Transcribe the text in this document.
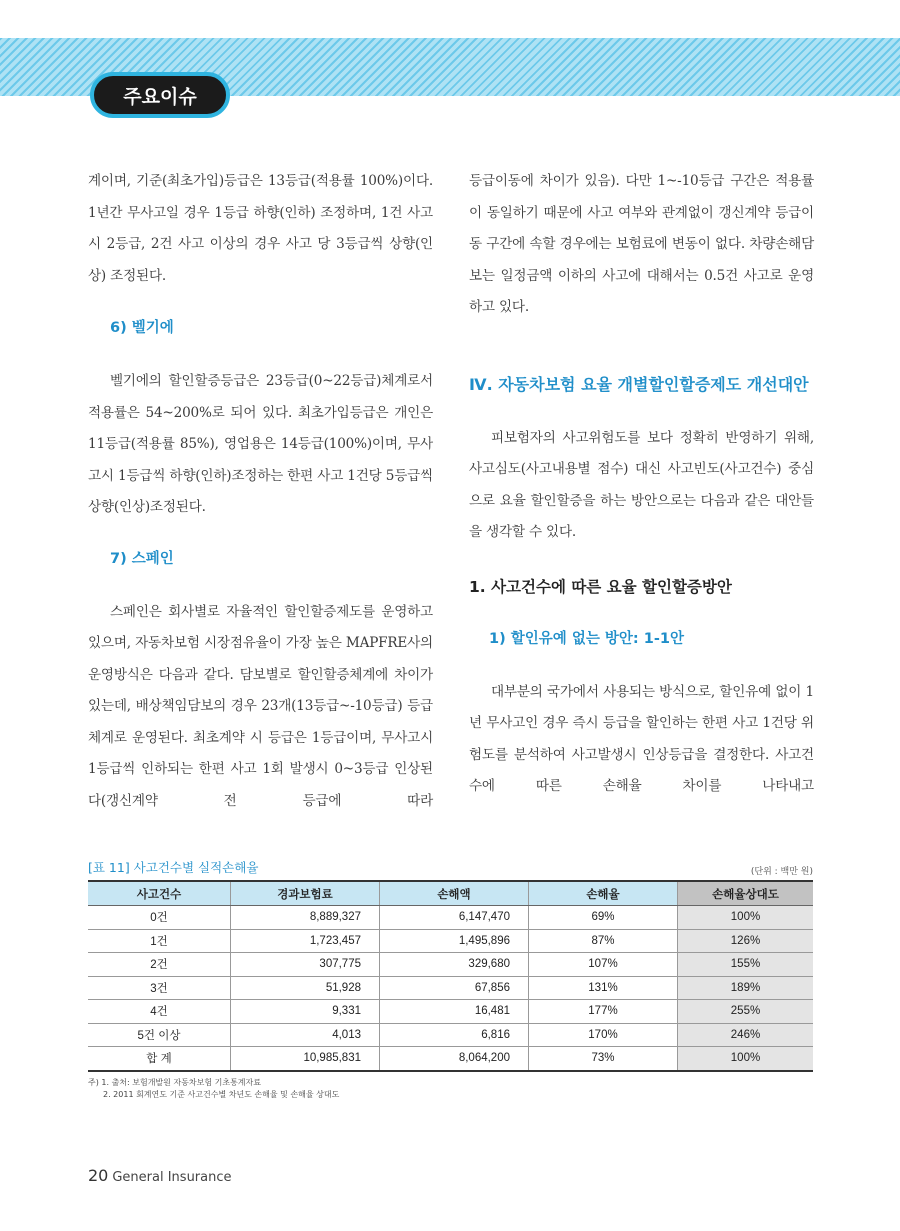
주요이슈

계이며, 기준(최초가입)등급은 13등급(적용률 100%)이다. 1년간 무사고일 경우 1등급 하향(인하) 조정하며, 1건 사고 시 2등급, 2건 사고 이상의 경우 사고 당 3등급씩 상향(인상) 조정된다.

6) 벨기에

벨기에의 할인할증등급은 23등급(0~22등급)체계로서 적용률은 54~200%로 되어 있다. 최초가입등급은 개인은 11등급(적용률 85%), 영업용은 14등급(100%)이며, 무사고시 1등급씩 하향(인하)조정하는 한편 사고 1건당 5등급씩 상향(인상)조정된다.

7) 스페인

스페인은 회사별로 자율적인 할인할증제도를 운영하고 있으며, 자동차보험 시장점유율이 가장 높은 MAPFRE사의 운영방식은 다음과 같다. 담보별로 할인할증체계에 차이가 있는데, 배상책임담보의 경우 23개(13등급~-10등급) 등급체계로 운영된다. 최초계약 시 등급은 1등급이며, 무사고시 1등급씩 인하되는 한편 사고 1회 발생시 0~3등급 인상된다(갱신계약 전 등급에 따라

등급이동에 차이가 있음). 다만 1~-10등급 구간은 적용률이 동일하기 때문에 사고 여부와 관계없이 갱신계약 등급이 동 구간에 속할 경우에는 보험료에 변동이 없다. 차량손해담보는 일정금액 이하의 사고에 대해서는 0.5건 사고로 운영하고 있다.

Ⅳ. 자동차보험 요율 개별할인할증제도 개선대안

피보험자의 사고위험도를 보다 정확히 반영하기 위해, 사고심도(사고내용별 점수) 대신 사고빈도(사고건수) 중심으로 요율 할인할증을 하는 방안으로는 다음과 같은 대안들을 생각할 수 있다.

1. 사고건수에 따른 요율 할인할증방안
1) 할인유예 없는 방안: 1-1안

대부분의 국가에서 사용되는 방식으로, 할인유예 없이 1년 무사고인 경우 즉시 등급을 할인하는 한편 사고 1건당 위험도를 분석하여 사고발생시 인상등급을 결정한다. 사고건수에 따른 손해율 차이를 나타내고

[표 11] 사고건수별 실적손해율	(단위 : 백만 원)
사고건수	경과보험료	손해액	손해율	손해율상대도
0건	8,889,327	6,147,470	69%	100%
1건	1,723,457	1,495,896	87%	126%
2건	307,775	329,680	107%	155%
3건	51,928	67,856	131%	189%
4건	9,331	16,481	177%	255%
5건 이상	4,013	6,816	170%	246%
합 계	10,985,831	8,064,200	73%	100%
주) 1. 출처: 보험개발원 자동차보험 기초통계자료
2. 2011 회계연도 기준 사고건수별 차년도 손해율 및 손해율 상대도
20 General Insurance
